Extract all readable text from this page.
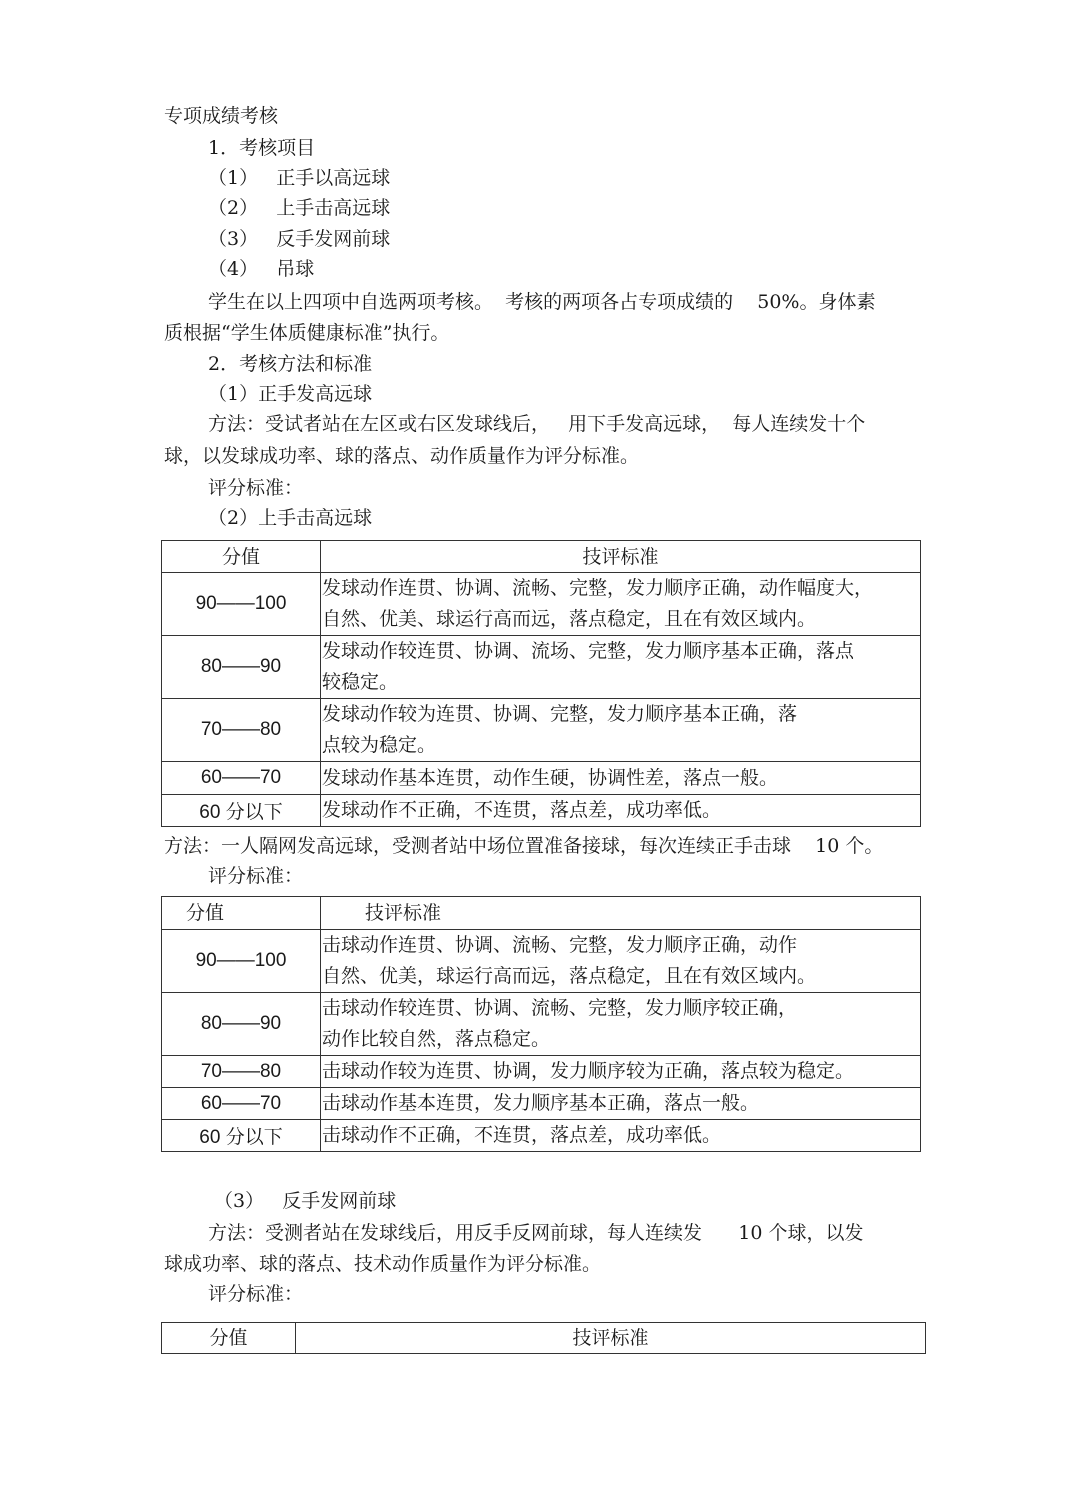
专项成绩考核

1．考核项目

（1）   正手以高远球

（2）   上手击高远球

（3）   反手发网前球

（4）   吊球

学生在以上四项中自选两项考核。  考核的两项各占专项成绩的    50%。身体素

质根据“学生体质健康标准”执行。

2．考核方法和标准

（1）正手发高远球

方法：受试者站在左区或右区发球线后，   用下手发高远球，  每人连续发十个

球，以发球成功率、球的落点、动作质量作为评分标准。

评分标准：

（2）上手击高远球

分值	技评标准
90——100	发球动作连贯、协调、流畅、完整，发力顺序正确，动作幅度大，
自然、优美、球运行高而远，落点稳定，且在有效区域内。
80——90	发球动作较连贯、协调、流场、完整，发力顺序基本正确，落点
较稳定。
70——80	发球动作较为连贯、协调、完整，发力顺序基本正确，落
点较为稳定。
60——70	发球动作基本连贯，动作生硬，协调性差，落点一般。
60 分以下	发球动作不正确，不连贯，落点差，成功率低。

方法：一人隔网发高远球，受测者站中场位置准备接球，每次连续正手击球    10 个。

评分标准：

分值	技评标准
90——100	击球动作连贯、协调、流畅、完整，发力顺序正确，动作
自然、优美，球运行高而远，落点稳定，且在有效区域内。
80——90	击球动作较连贯、协调、流畅、完整，发力顺序较正确，
动作比较自然，落点稳定。
70——80	击球动作较为连贯、协调，发力顺序较为正确，落点较为稳定。
60——70	击球动作基本连贯，发力顺序基本正确，落点一般。
60 分以下	击球动作不正确，不连贯，落点差，成功率低。

（3）   反手发网前球

方法：受测者站在发球线后，用反手反网前球，每人连续发      10 个球，以发

球成功率、球的落点、技术动作质量作为评分标准。

评分标准：

分值	技评标准
